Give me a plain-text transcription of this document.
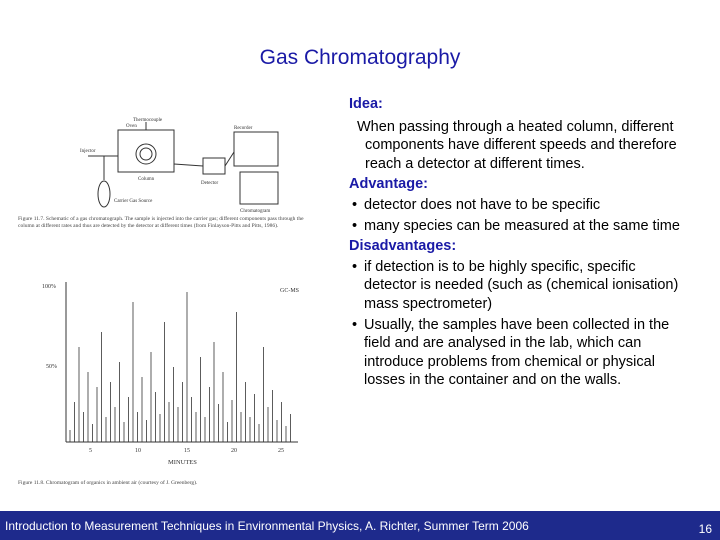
Gas Chromatography
Thermocouple
Oven	Recorder
Injector
Detector
Column
Carrier Gas Source
Chromatogram
Figure 11.7. Schematic of a gas chromatograph. The sample is injected into the carrier gas; different components pass through the column at different rates and thus are detected by the detector at different times (from Finlayson-Pitts and Pitts, 1986).
100%
50%
GC-MS
5	10	15	20	25
MINUTES
Figure 11.8. Chromatogram of organics in ambient air (courtesy of J. Greenberg).
Idea:
When passing through a heated column, different components have different speeds and therefore reach a detector at different times.
Advantage:
• detector does not have to be specific
• many species can be measured at the same time
Disadvantages:
• if detection is to be highly specific, specific detector is needed (such as (chemical ionisation) mass spectrometer)
• Usually, the samples have been collected in the field and are analysed in the lab, which can introduce problems from chemical or physical losses in the container and on the walls.
Introduction to Measurement Techniques in Environmental Physics, A. Richter, Summer Term 2006	16
